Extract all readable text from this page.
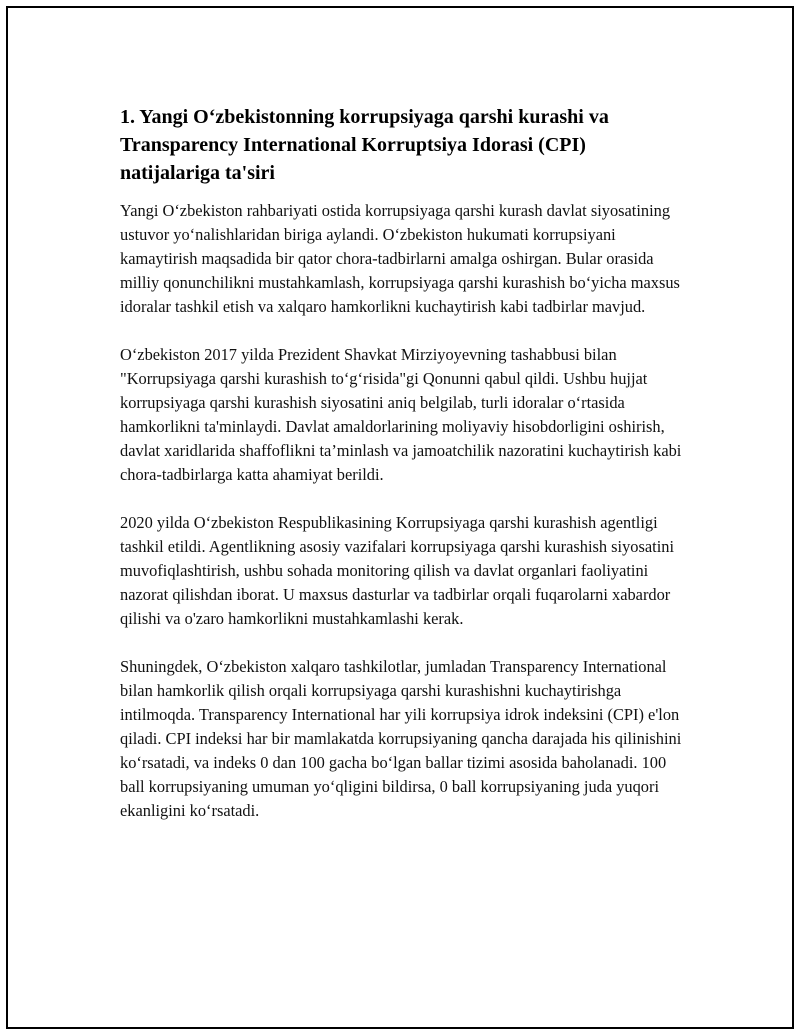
1. Yangi O‘zbekistonning korrupsiyaga qarshi kurashi va Transparency International Korruptsiya Idorasi (CPI) natijalariga ta'siri

Yangi O‘zbekiston rahbariyati ostida korrupsiyaga qarshi kurash davlat siyosatining ustuvor yo‘nalishlaridan biriga aylandi. O‘zbekiston hukumati korrupsiyani kamaytirish maqsadida bir qator chora-tadbirlarni amalga oshirgan. Bular orasida milliy qonunchilikni mustahkamlash, korrupsiyaga qarshi kurashish bo‘yicha maxsus idoralar tashkil etish va xalqaro hamkorlikni kuchaytirish kabi tadbirlar mavjud.

O‘zbekiston 2017 yilda Prezident Shavkat Mirziyoyevning tashabbusi bilan "Korrupsiyaga qarshi kurashish to‘g‘risida"gi Qonunni qabul qildi. Ushbu hujjat korrupsiyaga qarshi kurashish siyosatini aniq belgilab, turli idoralar o‘rtasida hamkorlikni ta'minlaydi. Davlat amaldorlarining moliyaviy hisobdorligini oshirish, davlat xaridlarida shaffoflikni ta’minlash va jamoatchilik nazoratini kuchaytirish kabi chora-tadbirlarga katta ahamiyat berildi.

2020 yilda O‘zbekiston Respublikasining Korrupsiyaga qarshi kurashish agentligi tashkil etildi. Agentlikning asosiy vazifalari korrupsiyaga qarshi kurashish siyosatini muvofiqlashtirish, ushbu sohada monitoring qilish va davlat organlari faoliyatini nazorat qilishdan iborat. U maxsus dasturlar va tadbirlar orqali fuqarolarni xabardor qilishi va o'zaro hamkorlikni mustahkamlashi kerak.

Shuningdek, O‘zbekiston xalqaro tashkilotlar, jumladan Transparency International bilan hamkorlik qilish orqali korrupsiyaga qarshi kurashishni kuchaytirishga intilmoqda. Transparency International har yili korrupsiya idrok indeksini (CPI) e'lon qiladi. CPI indeksi har bir mamlakatda korrupsiyaning qancha darajada his qilinishini ko‘rsatadi, va indeks 0 dan 100 gacha bo‘lgan ballar tizimi asosida baholanadi. 100 ball korrupsiyaning umuman yo‘qligini bildirsa, 0 ball korrupsiyaning juda yuqori ekanligini ko‘rsatadi.
